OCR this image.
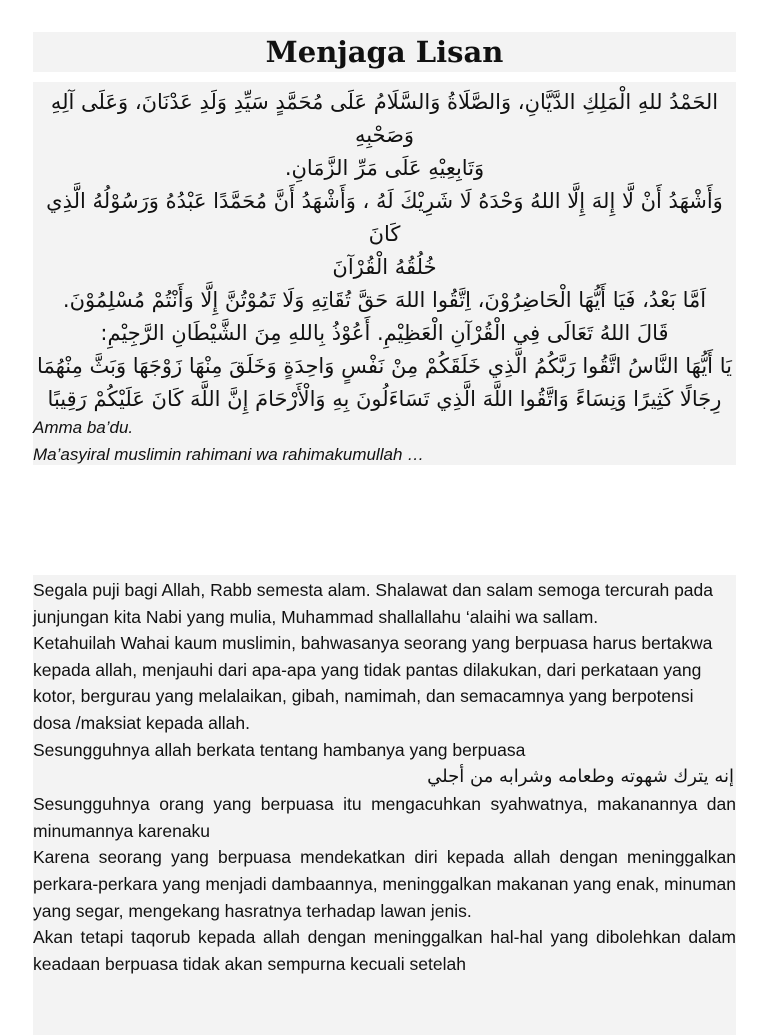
Menjaga Lisan

الحَمْدُ للهِ الْمَلِكِ الدَّيَّانِ، وَالصَّلَاةُ وَالسَّلَامُ عَلَى مُحَمَّدٍ سَيِّدِ وَلَدِ عَدْنَانَ، وَعَلَى آلِهِ وَصَحْبِهِ

وَتَابِعِيْهِ عَلَى مَرِّ الزَّمَانِ.

وَأَشْهَدُ أَنْ لَّا إِلهَ إِلَّا اللهُ وَحْدَهُ لَا شَرِيْكَ لَهُ ، وَأَشْهَدُ أَنَّ مُحَمَّدًا عَبْدُهُ وَرَسُوْلُهُ الَّذِي كَانَ

خُلُقُهُ الْقُرْآنَ

اَمَّا بَعْدُ، فَيَا أَيُّهَا الْحَاضِرُوْنَ، اِتَّقُوا اللهَ حَقَّ تُقَاتِهِ وَلَا تَمُوْتُنَّ إِلَّا وَأَنْتُمْ مُسْلِمُوْنَ.

قَالَ اللهُ تَعَالَى فِي الْقُرْآنِ الْعَظِيْمِ. أَعُوْذُ بِاللهِ مِنَ الشَّيْطَانِ الرَّجِيْمِ:

يَا أَيُّهَا النَّاسُ اتَّقُوا رَبَّكُمُ الَّذِي خَلَقَكُمْ مِنْ نَفْسٍ وَاحِدَةٍ وَخَلَقَ مِنْهَا زَوْجَهَا وَبَثَّ مِنْهُمَا

رِجَالًا كَثِيرًا وَنِسَاءً وَاتَّقُوا اللَّهَ الَّذِي تَسَاءَلُونَ بِهِ وَالْأَرْحَامَ إِنَّ اللَّهَ كَانَ عَلَيْكُمْ رَقِيبًا

Amma ba’du.

Ma’asyiral muslimin rahimani wa rahimakumullah …

Segala puji bagi Allah, Rabb semesta alam. Shalawat dan salam semoga tercurah pada junjungan kita Nabi yang mulia, Muhammad shallallahu ‘alaihi wa sallam.

Ketahuilah Wahai kaum muslimin, bahwasanya seorang yang berpuasa harus bertakwa kepada allah, menjauhi dari apa-apa yang tidak pantas dilakukan, dari perkataan yang kotor, bergurau yang melalaikan, gibah, namimah, dan semacamnya yang berpotensi dosa /maksiat kepada allah.

Sesungguhnya allah berkata tentang hambanya yang berpuasa

إنه يترك شهوته وطعامه وشرابه من أجلي

Sesungguhnya orang yang berpuasa itu mengacuhkan syahwatnya, makanannya dan minumannya karenaku

Karena seorang yang berpuasa mendekatkan diri kepada allah dengan meninggalkan perkara-perkara yang menjadi dambaannya, meninggalkan makanan yang enak, minuman yang segar, mengekang hasratnya terhadap lawan jenis.

Akan tetapi taqorub kepada allah dengan meninggalkan hal-hal yang dibolehkan dalam keadaan berpuasa tidak akan sempurna kecuali setelah
